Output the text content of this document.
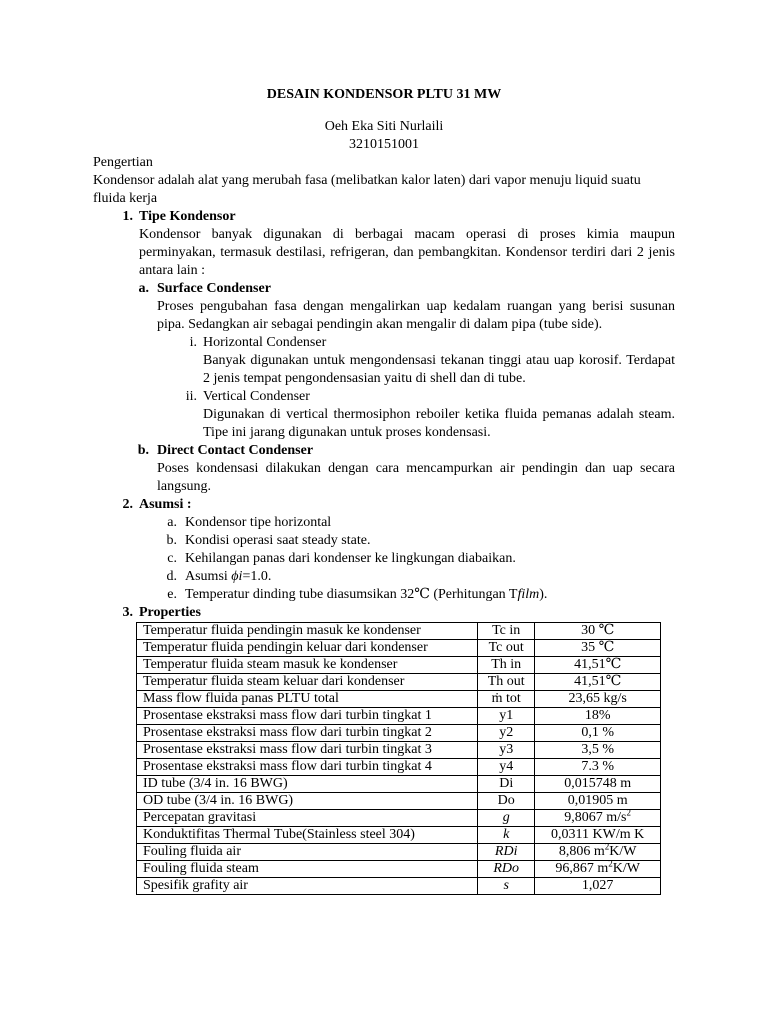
DESAIN KONDENSOR PLTU 31 MW

Oeh Eka Siti Nurlaili
3210151001
Pengertian
Kondensor adalah alat yang merubah fasa (melibatkan kalor laten) dari vapor menuju liquid suatu fluida kerja
1. Tipe Kondensor
Kondensor banyak digunakan di berbagai macam operasi di proses kimia maupun perminyakan, termasuk destilasi, refrigeran, dan pembangkitan. Kondensor terdiri dari 2 jenis antara lain :
a. Surface Condenser
Proses pengubahan fasa dengan mengalirkan uap kedalam ruangan yang berisi susunan pipa. Sedangkan air sebagai pendingin akan mengalir di dalam pipa (tube side).
i. Horizontal Condenser
Banyak digunakan untuk mengondensasi tekanan tinggi atau uap korosif. Terdapat 2 jenis tempat pengondensasian yaitu di shell dan di tube.
ii. Vertical Condenser
Digunakan di vertical thermosiphon reboiler ketika fluida pemanas adalah steam. Tipe ini jarang digunakan untuk proses kondensasi.
b. Direct Contact Condenser
Poses kondensasi dilakukan dengan cara mencampurkan air pendingin dan uap secara langsung.
2. Asumsi :
a. Kondensor tipe horizontal
b. Kondisi operasi saat steady state.
c. Kehilangan panas dari kondenser ke lingkungan diabaikan.
d. Asumsi ϕi=1.0.
e. Temperatur dinding tube diasumsikan 32℃ (Perhitungan Tfilm).
3. Properties
Temperatur fluida pendingin masuk ke kondenser	Tc in	30 ℃
Temperatur fluida pendingin keluar dari kondenser	Tc out	35 ℃
Temperatur fluida steam masuk ke kondenser	Th in	41,51℃
Temperatur fluida steam keluar dari kondenser	Th out	41,51℃
Mass flow fluida panas PLTU total	ṁ tot	23,65 kg/s
Prosentase ekstraksi mass flow dari turbin tingkat 1	y1	18%
Prosentase ekstraksi mass flow dari turbin tingkat 2	y2	0,1 %
Prosentase ekstraksi mass flow dari turbin tingkat 3	y3	3,5 %
Prosentase ekstraksi mass flow dari turbin tingkat 4	y4	7.3 %
ID tube (3/4 in. 16 BWG)	Di	0,015748 m
OD tube (3/4 in. 16 BWG)	Do	0,01905 m
Percepatan gravitasi	g	9,8067 $m/s^2$
Konduktifitas Thermal Tube(Stainless steel 304)	k	0,0311 KW/m K
Fouling fluida air	RDi	8,806 $m^2K/W$
Fouling fluida steam	RDo	96,867 $m^2K/W$
Spesifik grafity air	s	1,027
